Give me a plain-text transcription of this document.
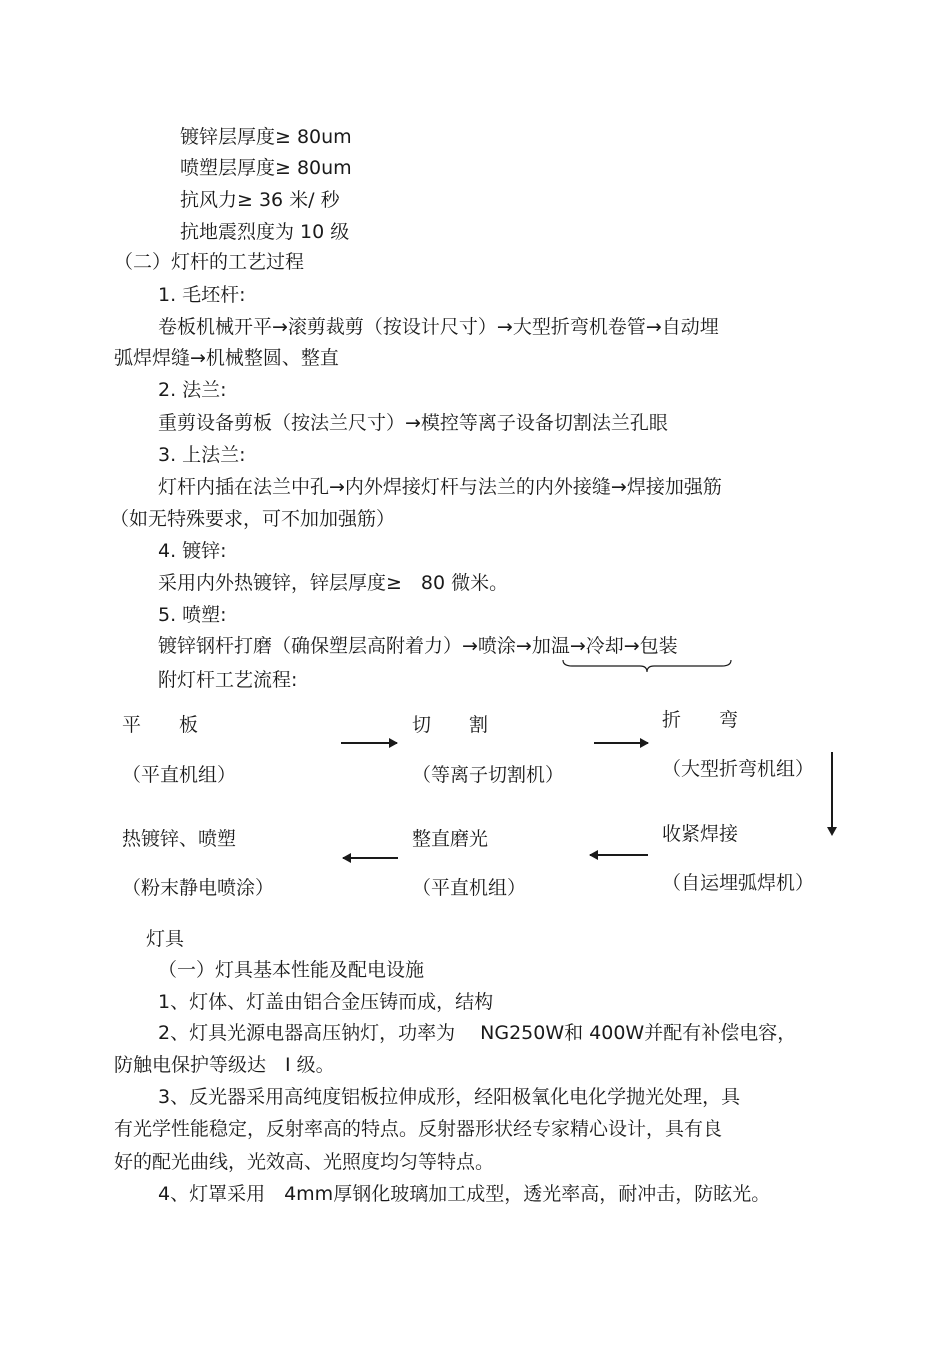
镀锌层厚度≥ 80um
喷塑层厚度≥ 80um
抗风力≥ 36 米/ 秒
抗地震烈度为 10 级
（二）灯杆的工艺过程
1. 毛坯杆:
卷板机械开平→滚剪裁剪（按设计尺寸）→大型折弯机卷管→自动埋
弧焊焊缝→机械整圆、整直
2. 法兰:
重剪设备剪板（按法兰尺寸）→模控等离子设备切割法兰孔眼
3. 上法兰:
灯杆内插在法兰中孔→内外焊接灯杆与法兰的内外接缝→焊接加强筋
（如无特殊要求，可不加加强筋）
4. 镀锌:
采用内外热镀锌，锌层厚度≥　80 微米。
5. 喷塑:
镀锌钢杆打磨（确保塑层高附着力）→喷涂→加温→冷却→包装
附灯杆工艺流程:
平　　板
（平直机组）
切　　割
（等离子切割机）
折　　弯
（大型折弯机组）
收紧焊接
（自运埋弧焊机）
整直磨光
（平直机组）
热镀锌、喷塑
（粉末静电喷涂）
灯具
（一）灯具基本性能及配电设施
1、灯体、灯盖由铝合金压铸而成，结构
2、灯具光源电器高压钠灯，功率为　 NG250W和 400W并配有补偿电容，
防触电保护等级达　Ⅰ 级。
3、反光器采用高纯度铝板拉伸成形，经阳极氧化电化学抛光处理，具
有光学性能稳定，反射率高的特点。反射器形状经专家精心设计，具有良
好的配光曲线，光效高、光照度均匀等特点。
4、灯罩采用　4mm厚钢化玻璃加工成型，透光率高，耐冲击，防眩光。
